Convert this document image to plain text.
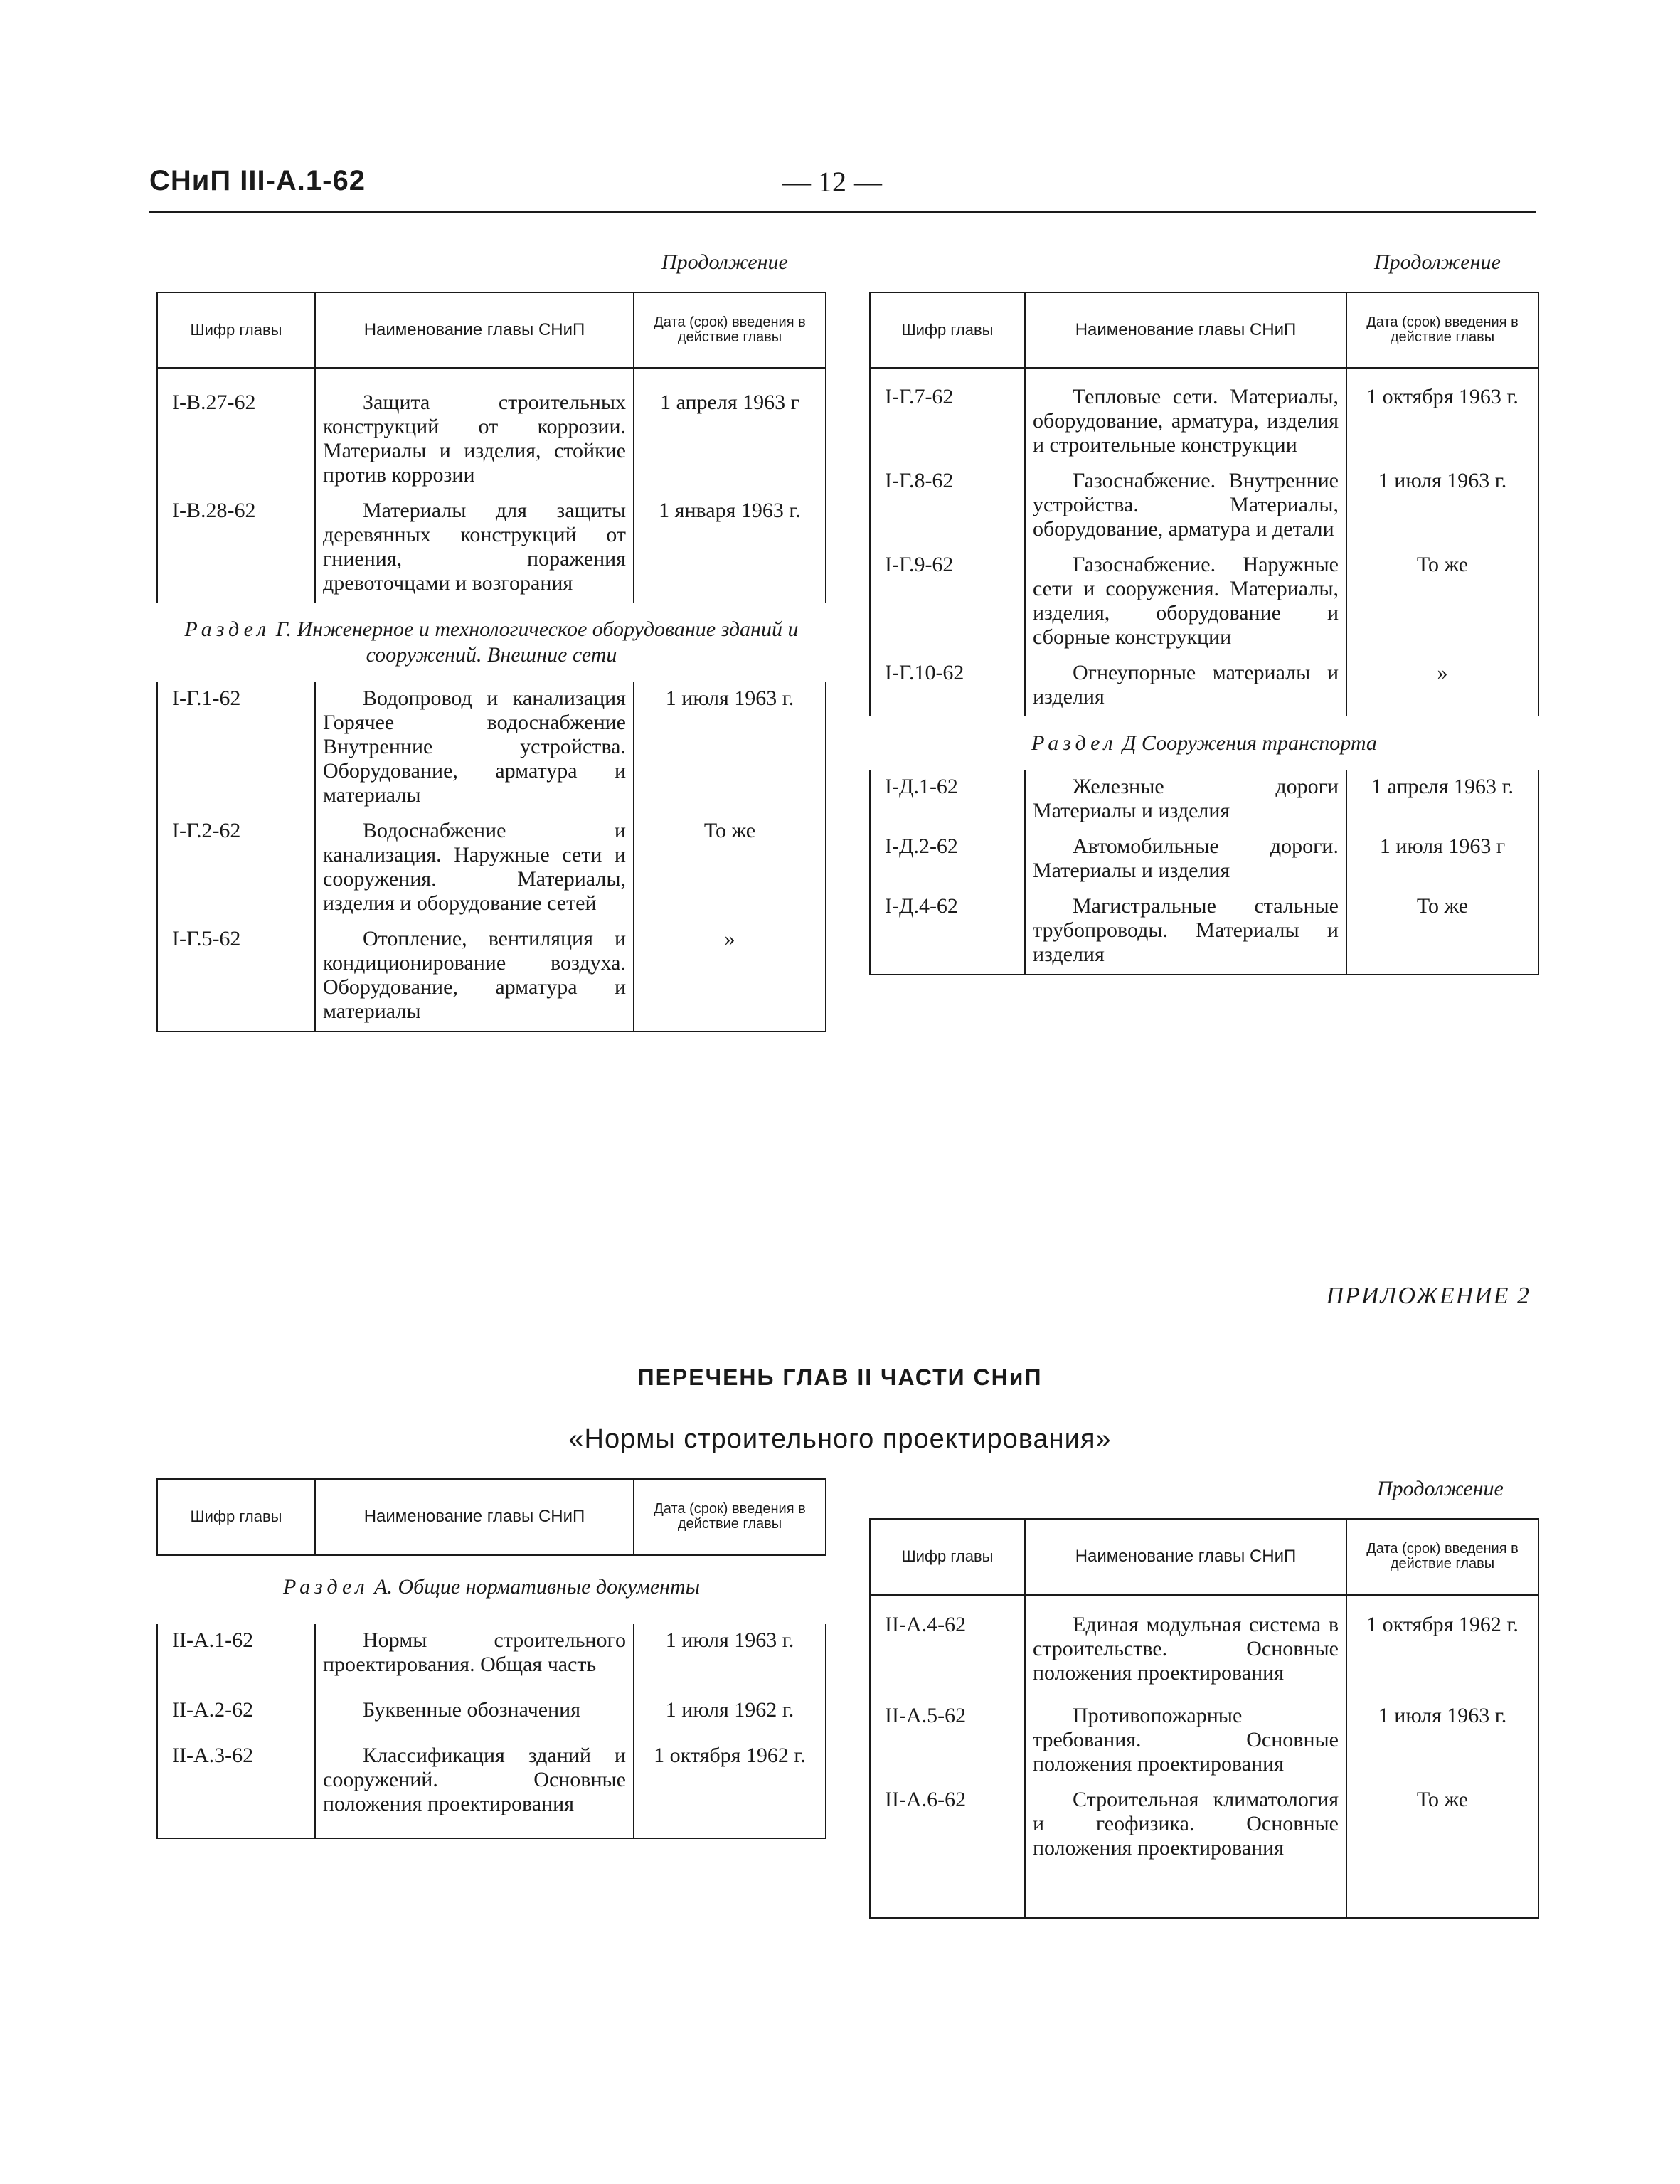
СНиП III-А.1-62	— 12 —
Продолжение
Шифр главы	Наименование главы СНиП	Дата (срок) введения в действие главы

I-В.27-62	Защита строительных конструкций от коррозии. Материалы и изделия, стойкие против коррозии	1 апреля 1963 г
I-В.28-62	Материалы для защиты деревянных конструкций от гниения, поражения древоточцами и возгорания	1 января 1963 г.
Раздел Г. Инженерное и технологическое оборудование зданий и сооружений. Внешние сети		
I-Г.1-62	Водопровод и канализация Горячее водоснабжение Внутренние устройства. Оборудование, арматура и материалы	1 июля 1963 г.
I-Г.2-62	Водоснабжение и канализация. Наружные сети и сооружения. Материалы, изделия и оборудование сетей	То же
I-Г.5-62	Отопление, вентиляция и кондиционирование воздуха. Оборудование, арматура и материалы	»
Продолжение
Шифр главы	Наименование главы СНиП	Дата (срок) введения в действие главы

I-Г.7-62	Тепловые сети. Материалы, оборудование, арматура, изделия и строительные конструкции	1 октября 1963 г.
I-Г.8-62	Газоснабжение. Внутренние устройства. Материалы, оборудование, арматура и детали	1 июля 1963 г.
I-Г.9-62	Газоснабжение. Наружные сети и сооружения. Материалы, изделия, оборудование и сборные конструкции	То же
I-Г.10-62	Огнеупорные материалы и изделия	»
Раздел Д Сооружения транспорта		
I-Д.1-62	Железные дороги Материалы и изделия	1 апреля 1963 г.
I-Д.2-62	Автомобильные дороги. Материалы и изделия	1 июля 1963 г
I-Д.4-62	Магистральные стальные трубопроводы. Материалы и изделия	То же
ПРИЛОЖЕНИЕ 2
ПЕРЕЧЕНЬ ГЛАВ II ЧАСТИ СНиП
«Нормы строительного проектирования»
Шифр главы	Наименование главы СНиП	Дата (срок) введения в действие главы
Раздел А. Общие нормативные документы		
II-А.1-62	Нормы строительного проектирования. Общая часть	1 июля 1963 г.
II-А.2-62	Буквенные обозначения	1 июля 1962 г.
II-А.3-62	Классификация зданий и сооружений. Основные положения проектирования	1 октября 1962 г.
Продолжение
Шифр главы	Наименование главы СНиП	Дата (срок) введения в действие главы

II-А.4-62	Единая модульная система в строительстве. Основные положения проектирования	1 октября 1962 г.
II-А.5-62	Противопожарные требования. Основные положения проектирования	1 июля 1963 г.
II-А.6-62	Строительная климатология и геофизика. Основные положения проектирования	То же
